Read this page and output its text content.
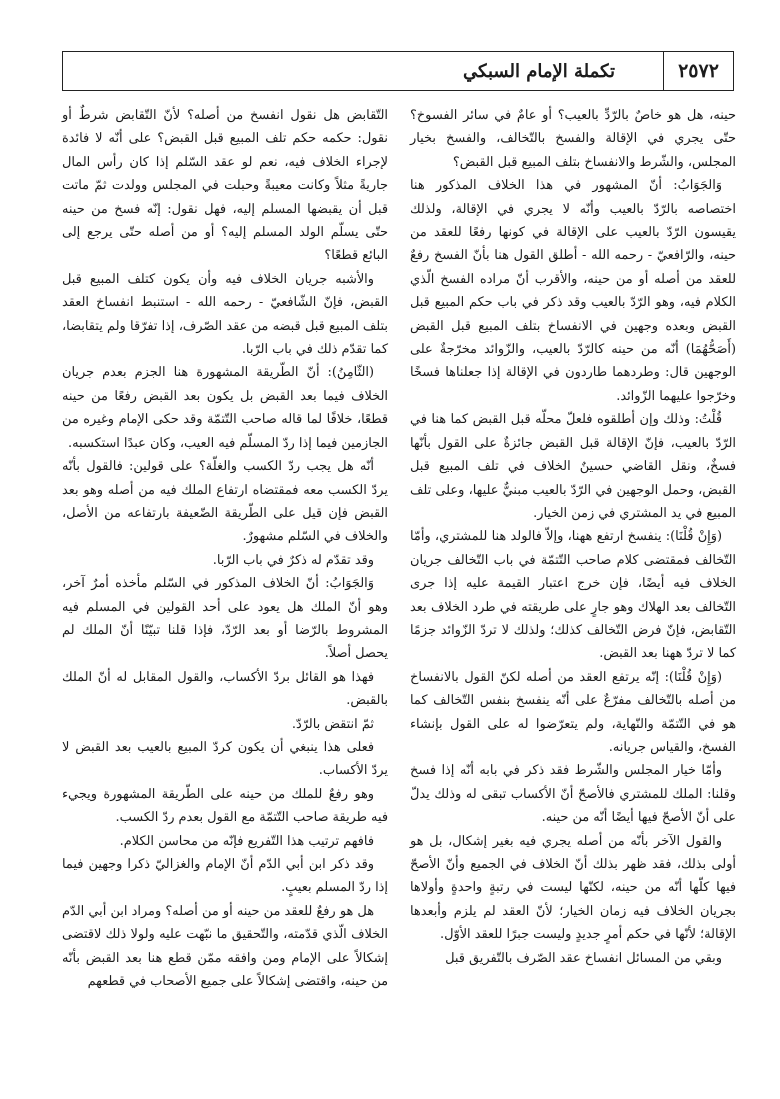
٢٥٧٢
تكملة الإمام السبكي

حينه، هل هو خاصٌ بالرّدِّ بالعيب؟ أو عامٌ في سائر الفسوخ؟ حتّى يجري في الإقالة والفسخ بالتّخالف، والفسخ بخيار المجلس، والشّرط والانفساخ بتلف المبيع قبل القبض؟

وَالجَوَابُ: أنّ المشهور في هذا الخلاف المذكور هنا اختصاصه بالرّدّ بالعيب وأنّه لا يجري في الإقالة، ولذلك يقيسون الرّدّ بالعيب على الإقالة في كونها رفعًا للعقد من حينه، والرّافعيّ - رحمه الله - أطلق القول هنا بأنّ الفسخ رفعٌ للعقد من أصله أو من حينه، والأقرب أنّ مراده الفسخ الّذي الكلام فيه، وهو الرّدّ بالعيب وقد ذكر في باب حكم المبيع قبل القبض وبعده وجهين في الانفساخ بتلف المبيع قبل القبض (أَصَحُّهُمَا) أنّه من حينه كالرّدّ بالعيب، والزّوائد مخرّجةٌ على الوجهين قال: وطردهما طاردون في الإقالة إذا جعلناها فسخًا وخرّجوا عليهما الزّوائد.

قُلْتُ: وذلك وإن أطلقوه فلعلّ محلّه قبل القبض كما هنا في الرّدّ بالعيب، فإنّ الإقالة قبل القبض جائزةٌ على القول بأنّها فسخٌ، ونقل القاضي حسينٌ الخلاف في تلف المبيع قبل القبض، وحمل الوجهين في الرّدّ بالعيب مبنيٌّ عليها، وعلى تلف المبيع في يد المشتري في زمن الخيار.

(وَإِنْ قُلْنَا): ينفسخ ارتفع ههنا، وإلاّ فالولد هنا للمشتري، وأمّا التّخالف فمقتضى كلام صاحب التّتمّة في باب التّخالف جريان الخلاف فيه أيضًا، فإن خرج اعتبار القيمة عليه إذا جرى التّخالف بعد الهلاك وهو جارٍ على طريقته في طرد الخلاف بعد التّقابض، فإنّ فرض التّخالف كذلك؛ ولذلك لا تردّ الزّوائد جزمًا كما لا تردّ ههنا بعد القبض.

(وَإِنْ قُلْنَا): إنّه يرتفع العقد من أصله لكنّ القول بالانفساخ من أصله بالتّخالف مفرّعٌ على أنّه ينفسخ بنفس التّخالف كما هو في التّتمّة والنّهاية، ولم يتعرّضوا له على القول بإنشاء الفسخ، والقياس جريانه.

وأمّا خيار المجلس والشّرط فقد ذكر في بابه أنّه إذا فسخ وقلنا: الملك للمشتري فالأصحّ أنّ الأكساب تبقى له وذلك يدلّ على أنّ الأصحّ فيها أيضًا أنّه من حينه.

والقول الآخر بأنّه من أصله يجري فيه بغير إشكال، بل هو أولى بذلك، فقد ظهر بذلك أنّ الخلاف في الجميع وأنّ الأصحّ فيها كلّها أنّه من حينه، لكنّها ليست في رتبةٍ واحدةٍ وأولاها بجريان الخلاف فيه زمان الخيار؛ لأنّ العقد لم يلزم وأبعدها الإقالة؛ لأنّها في حكم أمرٍ جديدٍ وليست جبرًا للعقد الأوّل.

وبقي من المسائل انفساخ عقد الصّرف بالتّفريق قبل

التّقابض هل نقول انفسخ من أصله؟ لأنّ التّقابض شرطٌ أو نقول: حكمه حكم تلف المبيع قبل القبض؟ على أنّه لا فائدة لإجراء الخلاف فيه، نعم لو عقد السّلم إذا كان رأس المال جاريةً مثلاً وكانت معيبةً وحبلت في المجلس وولدت ثمّ ماتت قبل أن يقبضها المسلم إليه، فهل نقول: إنّه فسخ من حينه حتّى يسلّم الولد المسلم إليه؟ أو من أصله حتّى يرجع إلى البائع قطعًا؟

والأشبه جريان الخلاف فيه وأن يكون كتلف المبيع قبل القبض، فإنّ الشّافعيّ - رحمه الله - استنبط انفساخ العقد بتلف المبيع قبل قبضه من عقد الصّرف، إذا تفرّقا ولم يتقابضا، كما تقدّم ذلك في باب الرّبا.

(الثّامِنُ): أنّ الطّريقة المشهورة هنا الجزم بعدم جريان الخلاف فيما بعد القبض بل يكون بعد القبض رفعًا من حينه قطعًا، خلافًا لما قاله صاحب التّتمّة وقد حكى الإمام وغيره من الجازمين فيما إذا ردّ المسلّم فيه العيب، وكان عبدًا استكسبه.

أنّه هل يجب ردّ الكسب والغلّة؟ على قولين: فالقول بأنّه يردّ الكسب معه فمقتضاه ارتفاع الملك فيه من أصله وهو بعد القبض فإن قيل على الطّريقة الضّعيفة بارتفاعه من الأصل، والخلاف في السّلم مشهورٌ.

وقد تقدّم له ذكرٌ في باب الرّبا.

وَالجَوَابُ: أنّ الخلاف المذكور في السّلم مأخذه أمرٌ آخر، وهو أنّ الملك هل يعود على أحد القولين في المسلم فيه المشروط بالرّضا أو بعد الرّدّ، فإذا قلنا تبيّنًا أنّ الملك لم يحصل أصلاً.

فهذا هو القائل بردّ الأكساب، والقول المقابل له أنّ الملك بالقبض.

ثمّ انتقض بالرّدّ.

فعلى هذا ينبغي أن يكون كردّ المبيع بالعيب بعد القبض لا يردّ الأكساب.

وهو رفعٌ للملك من حينه على الطّريقة المشهورة ويجيء فيه طريقة صاحب التّتمّة مع القول بعدم ردّ الكسب.

فافهم ترتيب هذا التّفريع فإنّه من محاسن الكلام.

وقد ذكر ابن أبي الدّم أنّ الإمام والغزاليّ ذكرا وجهين فيما إذا ردّ المسلم بعيبٍ.

هل هو رفعٌ للعقد من حينه أو من أصله؟ ومراد ابن أبي الدّم الخلاف الّذي قدّمته، والتّحقيق ما نبّهت عليه ولولا ذلك لاقتضى إشكالاً على الإمام ومن وافقه ممّن قطع هنا بعد القبض بأنّه من حينه، واقتضى إشكالاً على جميع الأصحاب في قطعهم
